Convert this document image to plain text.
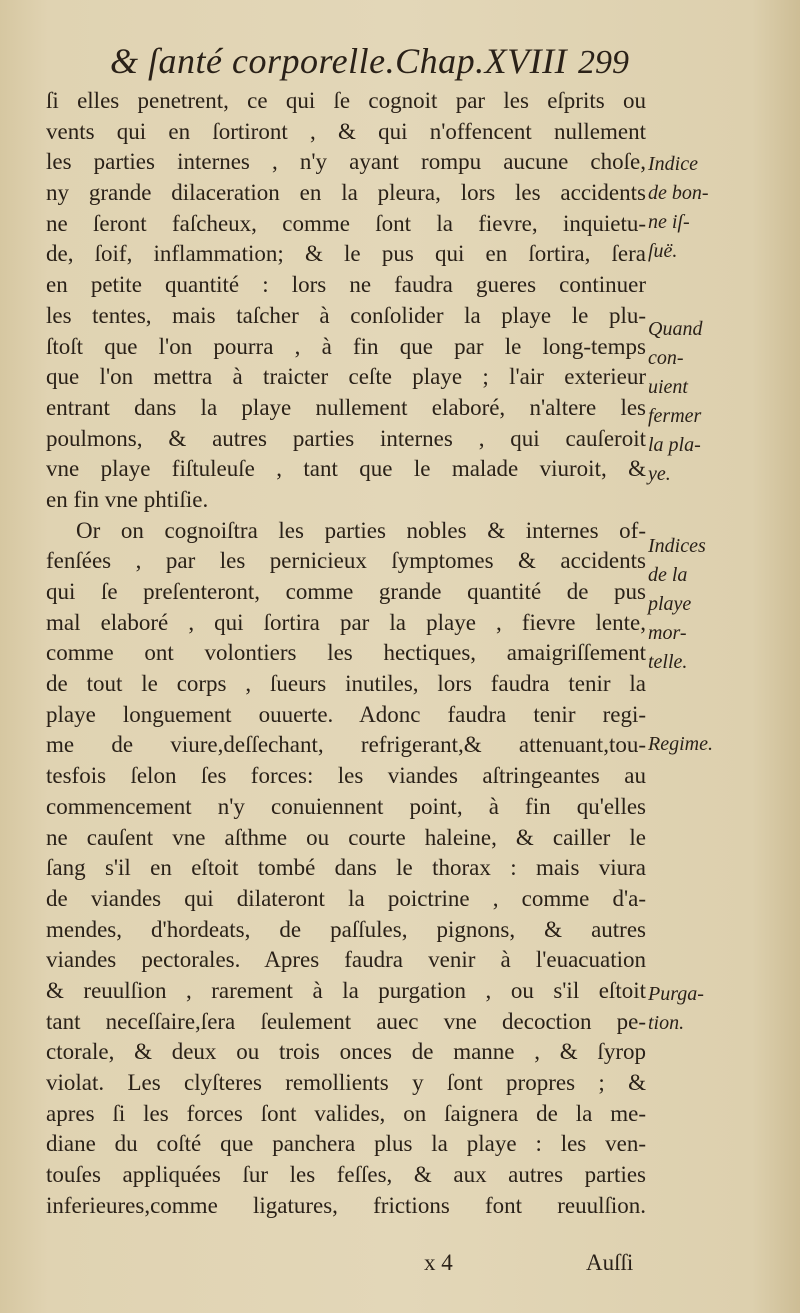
& ſanté corporelle.Chap.XVIII 299
ſi elles penetrent, ce qui ſe cognoit par les eſprits ou
vents qui en ſortiront , & qui n'offencent nullement
les parties internes , n'y ayant rompu aucune choſe,
ny grande dilaceration en la pleura, lors les accidents
ne ſeront faſcheux, comme ſont la fievre, inquietu-
de, ſoif, inflammation; & le pus qui en ſortira, ſera
en petite quantité : lors ne faudra gueres continuer
les tentes, mais taſcher à conſolider la playe le plu-
ſtoſt que l'on pourra , à fin que par le long-temps
que l'on mettra à traicter ceſte playe ; l'air exterieur
entrant dans la playe nullement elaboré, n'altere les
poulmons, & autres parties internes , qui cauſeroit
vne playe fiſtuleuſe , tant que le malade viuroit, &
en fin vne phtiſie.
Or on cognoiſtra les parties nobles & internes of-
fenſées , par les pernicieux ſymptomes & accidents
qui ſe preſenteront, comme grande quantité de pus
mal elaboré , qui ſortira par la playe , fievre lente,
comme ont volontiers les hectiques, amaigriſſement
de tout le corps , ſueurs inutiles, lors faudra tenir la
playe longuement ouuerte. Adonc faudra tenir regi-
me de viure,deſſechant, refrigerant,& attenuant,tou-
tesfois ſelon ſes forces: les viandes aſtringeantes au
commencement n'y conuiennent point, à fin qu'elles
ne cauſent vne aſthme ou courte haleine, & cailler le
ſang s'il en eſtoit tombé dans le thorax : mais viura
de viandes qui dilateront la poictrine , comme d'a-
mendes, d'hordeats, de paſſules, pignons, & autres
viandes pectorales. Apres faudra venir à l'euacuation
& reuulſion , rarement à la purgation , ou s'il eſtoit
tant neceſſaire,ſera ſeulement auec vne decoction pe-
ctorale, & deux ou trois onces de manne , & ſyrop
violat. Les clyſteres remollients y ſont propres ; &
apres ſi les forces ſont valides, on ſaignera de la me-
diane du coſté que panchera plus la playe : les ven-
touſes appliquées ſur les feſſes, & aux autres parties
inferieures,comme ligatures, frictions font reuulſion.
Indice
de bon-
ne iſ-
ſuë.
Quand
con-
uient
fermer
la pla-
ye.
Indices
de la
playe
mor-
telle.
Regime.
Purga-
tion.
x 4	Auſſi
